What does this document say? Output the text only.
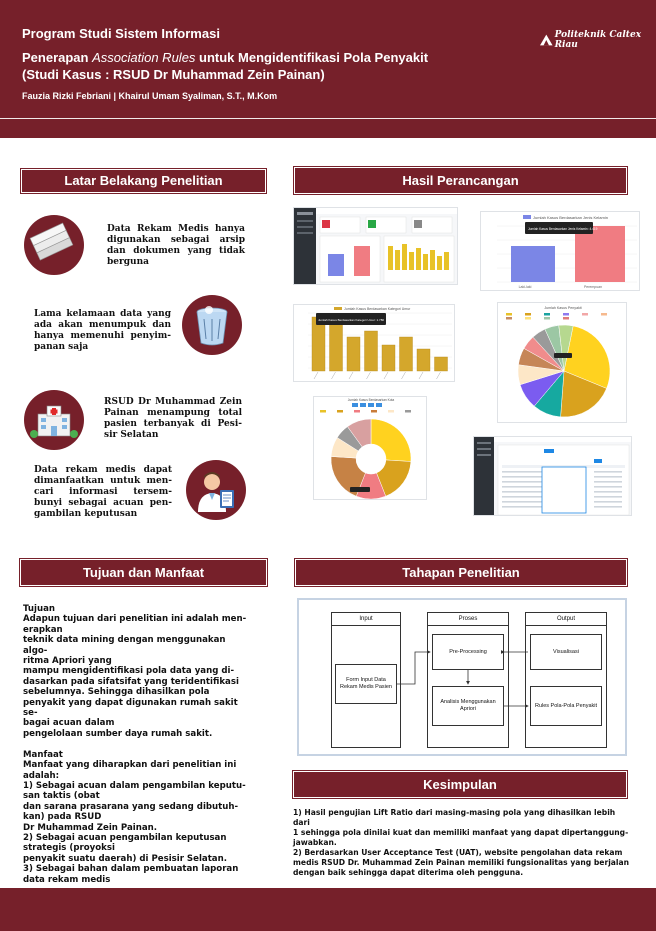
Program Studi Sistem Informasi	Politeknik Caltex Riau
Penerapan Association Rules untuk Mengidentifikasi Pola Penyakit
(Studi Kasus : RSUD Dr Muhammad Zein Painan)
Fauzia Rizki Febriani | Khairul Umam Syaliman, S.T., M.Kom
Latar Belakang Penelitian
Data Rekam Medis hanya digunakan sebagai arsip dan dokumen yang tidak berguna
Lama kelamaan data yang ada akan menumpuk dan hanya memenuhi penyim-panan saja
RSUD Dr Muhammad Zein Painan menampung total pasien terbanyak di Pesi-sir Selatan
Data rekam medis dapat dimanfaatkan untuk men-cari informasi tersem-bunyi sebagai acuan pen-gambilan keputusan
Hasil Perancangan
Jumlah Kasus Berdasarkan Jenis Kelamin
Jumlah Kasus Berdasarkan Jenis Kelamin: 4.419
Laki-laki	Perempuan
Jumlah Kasus Berdasarkan Kategori Umur
Jumlah Kasus Berdasarkan Kategori Umur: 1.780
Jumlah Kasus Penyakit
Jumlah Kasus Berdasarkan Kota
Tujuan dan Manfaat

Tujuan

Adapun tujuan dari penelitian ini adalah men-

erapkan

teknik data mining dengan menggunakan algo-

ritma Apriori yang

mampu mengidentifikasi pola data yang di-

dasarkan pada sifatsifat yang teridentifikasi

sebelumnya. Sehingga dihasilkan pola

penyakit yang dapat digunakan rumah sakit se-

bagai acuan dalam

pengelolaan sumber daya rumah sakit.

Manfaat

Manfaat yang diharapkan dari penelitian ini

adalah:

1) Sebagai acuan dalam pengambilan keputu-

san taktis (obat

dan sarana prasarana yang sedang dibutuh-

kan) pada RSUD

Dr Muhammad Zein Painan.

2) Sebagai acuan pengambilan keputusan

strategis (proyoksi

penyakit suatu daerah) di Pesisir Selatan.

3) Sebagai bahan dalam pembuatan laporan

data rekam medis

Tahapan Penelitian
Input	Proses	Output
Form Input Data Rekam Medis Pasien
Pre-Processing
Analisis Menggunakan Apriori
Visualisasi
Rules Pola-Pola Penyakit
Kesimpulan
1) Hasil pengujian Lift Ratio dari masing-masing pola yang dihasilkan lebih dari
1 sehingga pola dinilai kuat dan memiliki manfaat yang dapat dipertanggung-
jawabkan.
2) Berdasarkan User Acceptance Test (UAT), website pengolahan data rekam
medis RSUD Dr. Muhammad Zein Painan memiliki fungsionalitas yang berjalan
dengan baik sehingga dapat diterima oleh pengguna.
